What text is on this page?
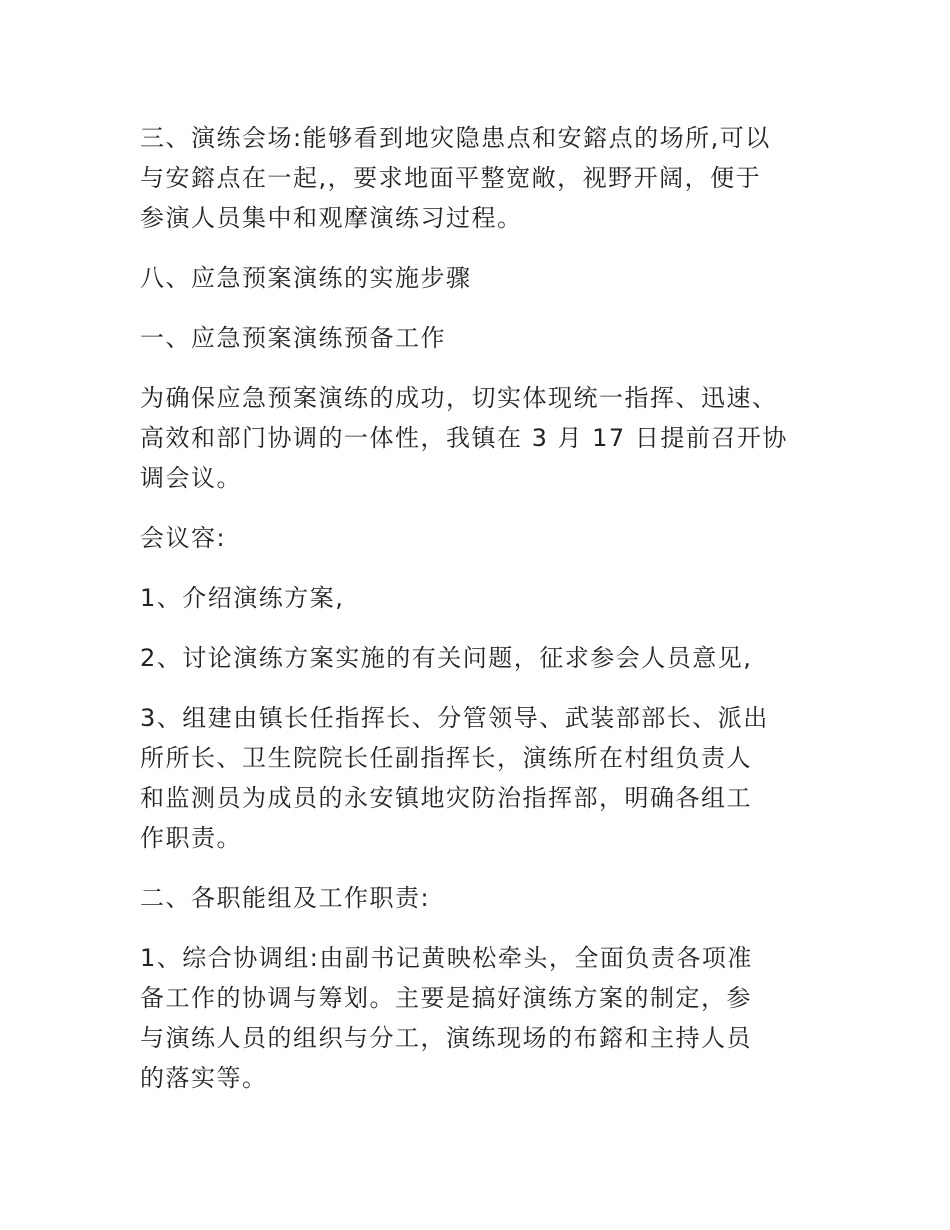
三、演练会场:能够看到地灾隐患点和安鎔点的场所,可以
与安鎔点在一起,，要求地面平整宽敞，视野开阔，便于
参演人员集中和观摩演练习过程。

八、应急预案演练的实施步骤

一、应急预案演练预备工作

为确保应急预案演练的成功，切实体现统一指挥、迅速、
高效和部门协调的一体性，我镇在 3 月 17 日提前召开协
调会议。

会议容:

1、介绍演练方案,

2、讨论演练方案实施的有关问题，征求参会人员意见,

3、组建由镇长任指挥长、分管领导、武装部部长、派出
所所长、卫生院院长任副指挥长，演练所在村组负责人
和监测员为成员的永安镇地灾防治指挥部，明确各组工
作职责。

二、各职能组及工作职责:

1、综合协调组:由副书记黄映松牵头，全面负责各项准
备工作的协调与筹划。主要是搞好演练方案的制定，参
与演练人员的组织与分工，演练现场的布鎔和主持人员
的落实等。
